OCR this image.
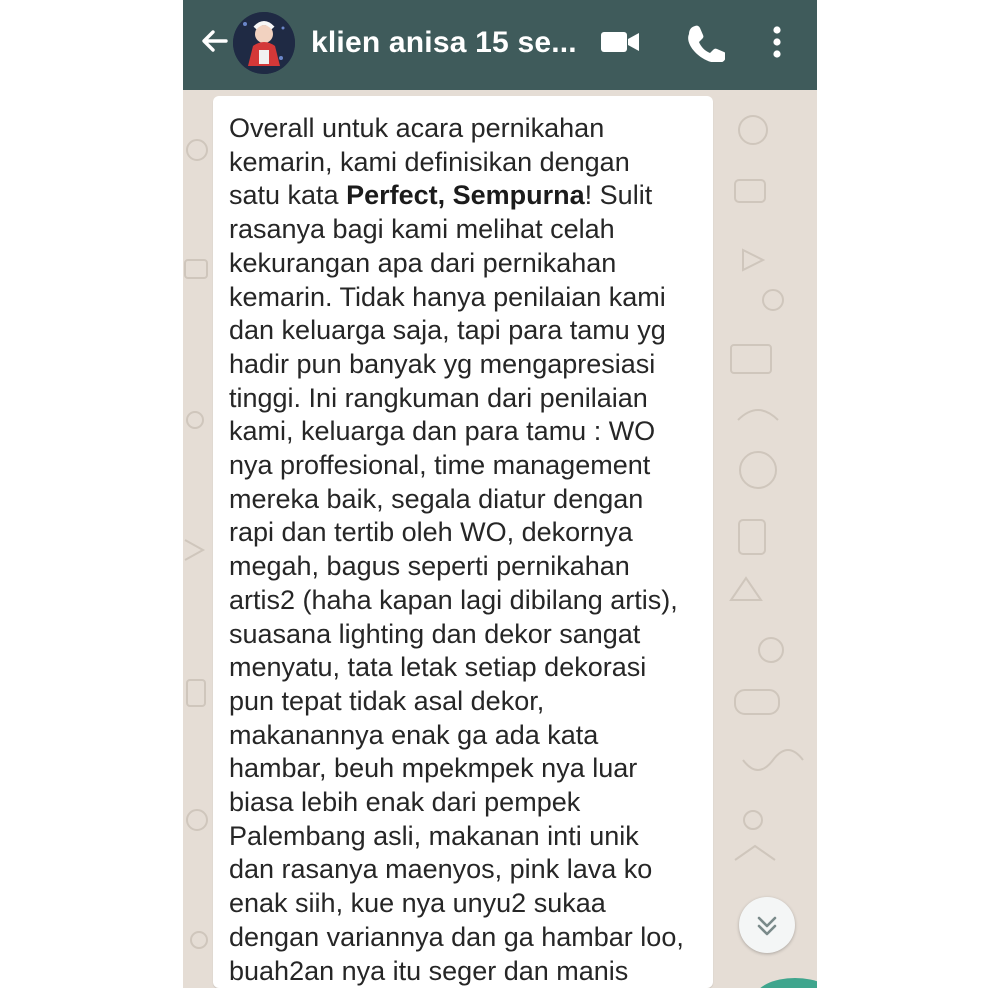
klien anisa 15 se...

Overall untuk acara pernikahan

kemarin, kami definisikan dengan

satu kata Perfect, Sempurna! Sulit

rasanya bagi kami melihat celah

kekurangan apa dari pernikahan

kemarin. Tidak hanya penilaian kami

dan keluarga saja, tapi para tamu yg

hadir pun banyak yg mengapresiasi

tinggi. Ini rangkuman dari penilaian

kami, keluarga dan para tamu : WO

nya proffesional, time management

mereka baik, segala diatur dengan

rapi dan tertib oleh WO, dekornya

megah, bagus seperti pernikahan

artis2 (haha kapan lagi dibilang artis),

suasana lighting dan dekor sangat

menyatu, tata letak setiap dekorasi

pun tepat tidak asal dekor,

makanannya enak ga ada kata

hambar, beuh mpekmpek nya luar

biasa lebih enak dari pempek

Palembang asli, makanan inti unik

dan rasanya maenyos, pink lava ko

enak siih, kue nya unyu2 sukaa

dengan variannya dan ga hambar loo,

buah2an nya itu seger dan manis
